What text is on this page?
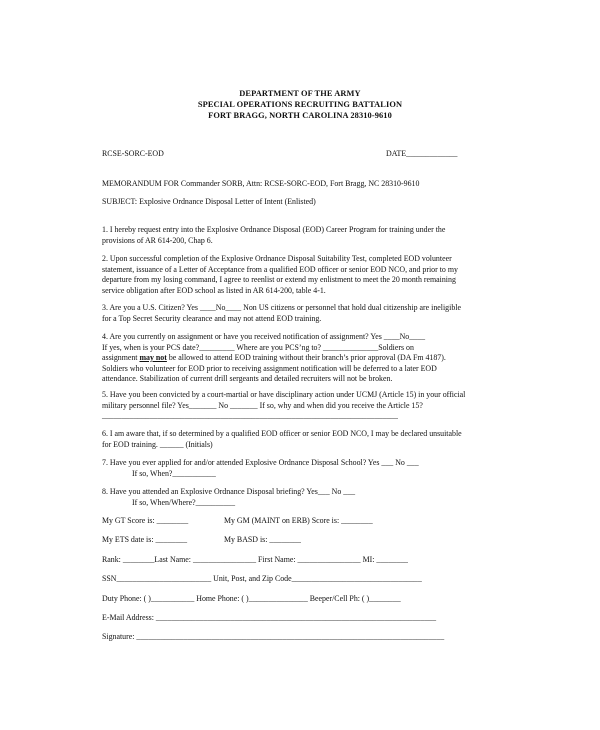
DEPARTMENT OF THE ARMY
SPECIAL OPERATIONS RECRUITING BATTALION
FORT BRAGG, NORTH CAROLINA 28310-9610
RCSE-SORC-EOD	DATE_____________
MEMORANDUM FOR Commander SORB, Attn: RCSE-SORC-EOD, Fort Bragg, NC 28310-9610
SUBJECT: Explosive Ordnance Disposal Letter of Intent (Enlisted)

1. I hereby request entry into the Explosive Ordnance Disposal (EOD) Career Program for training under the

provisions of AR 614-200, Chap 6.

2. Upon successful completion of the Explosive Ordnance Disposal Suitability Test, completed EOD volunteer

statement, issuance of a Letter of Acceptance from a qualified EOD officer or senior EOD NCO, and prior to my

departure from my losing command, I agree to reenlist or extend my enlistment to meet the 20 month remaining

service obligation after EOD school as listed in AR 614-200, table 4-1.

3. Are you a U.S. Citizen? Yes ____No____ Non US citizens or personnel that hold dual citizenship are ineligible

for a Top Secret Security clearance and may not attend EOD training.

4. Are you currently on assignment or have you received notification of assignment? Yes ____No____

If yes, when is your PCS date?_________ Where are you PCS’ng to? ______________Soldiers on

assignment may not be allowed to attend EOD training without their branch’s prior approval (DA Fm 4187).

Soldiers who volunteer for EOD prior to receiving assignment notification will be deferred to a later EOD

attendance. Stabilization of current drill sergeants and detailed recruiters will not be broken.

5. Have you been convicted by a court-martial or have disciplinary action under UCMJ (Article 15) in your official

military personnel file? Yes_______ No _______ If so, why and when did you receive the Article 15?

___________________________________________________________________________

6. I am aware that, if so determined by a qualified EOD officer or senior EOD NCO, I may be declared unsuitable

for EOD training. ______ (Initials)

7. Have you ever applied for and/or attended Explosive Ordnance Disposal School? Yes ___ No ___

If so, When?___________

8. Have you attended an Explosive Ordnance Disposal briefing? Yes___ No ___

If so, When/Where?__________

My GT Score is: ________	My GM (MAINT on ERB) Score is: ________
My ETS date is: ________	My BASD is: ________
Rank: ________Last Name: ________________ First Name: ________________ MI: ________
SSN________________________ Unit, Post, and Zip Code_________________________________
Duty Phone: ( )___________ Home Phone: ( )_______________ Beeper/Cell Ph: ( )________
E-Mail Address: _______________________________________________________________________
Signature: ______________________________________________________________________________
